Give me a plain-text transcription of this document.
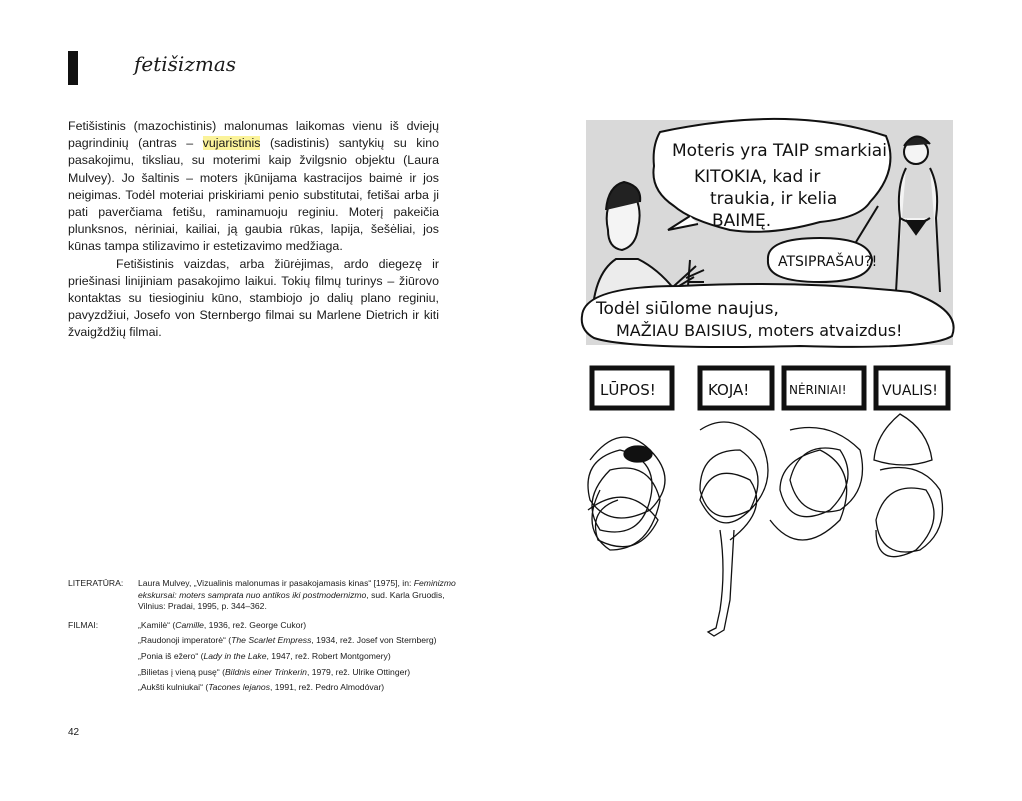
fetišizmas

Fetišistinis (mazochistinis) malonumas laikomas vienu iš dviejų pagrindinių (antras – vujaristinis (sadistinis) santykių su kino pasakojimu, tiksliau, su moterimi kaip žvilgsnio objektu (Laura Mulvey). Jo šaltinis – moters įkūnijama kastracijos baimė ir jos neigimas. Todėl moteriai priskiriami penio substitutai, fetišai arba ji pati paverčiama fetišu, raminamuoju reginiu. Moterį pakeičia plunksnos, nėriniai, kailiai, ją gaubia rūkas, lapija, šešėliai, jos kūnas tampa stilizavimo ir estetizavimo medžiaga.

Fetišistinis vaizdas, arba žiūrėjimas, ardo diegezę ir priešinasi linijiniam pasakojimo laikui. Tokių filmų turinys – žiūrovo kontaktas su tiesioginiu kūno, stambiojo jo dalių plano reginiu, pavyzdžiui, Josefo von Sternbergo filmai su Marlene Dietrich ir kiti žvaigždžių filmai.

LITERATŪRA:	Laura Mulvey, „Vizualinis malonumas ir pasakojamasis kinas“ [1975], in: Feminizmo ekskursai: moters samprata nuo antikos iki postmodernizmo, sud. Karla Gruodis, Vilnius: Pradai, 1995, p. 344–362.
FILMAI:	„Kamilė“ (Camille, 1936, rež. George Cukor)
„Raudonoji imperatorė“ (The Scarlet Empress, 1934, rež. Josef von Sternberg)
„Ponia iš ežero“ (Lady in the Lake, 1947, rež. Robert Montgomery)
„Bilietas į vieną pusę“ (Bildnis einer Trinkerin, 1979, rež. Ulrike Ottinger)
„Aukšti kulniukai“ (Tacones lejanos, 1991, rež. Pedro Almodóvar)
42
Moteris yra TAIP smarkiai
KITOKIA, kad ir
traukia, ir kelia
BAIMĘ.
ATSIPRAŠAU?!
Todėl siūlome naujus,
MAŽIAU BAISIUS, moters atvaizdus!
LŪPOS!	KOJA!	NĖRINIAI!	VUALIS!
